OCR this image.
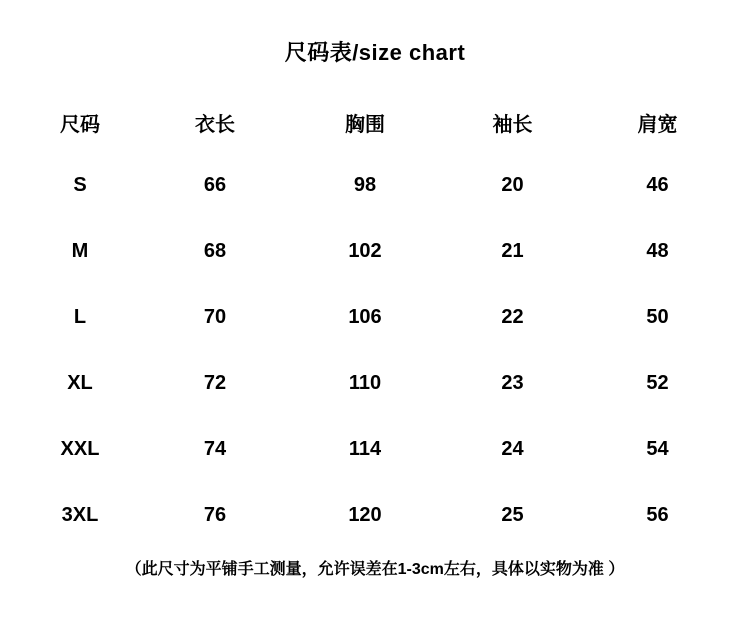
尺码表/size chart
尺码	衣长	胸围	袖长	肩宽
S	66	98	20	46
M	68	102	21	48
L	70	106	22	50
XL	72	110	23	52
XXL	74	114	24	54
3XL	76	120	25	56
（此尺寸为平铺手工测量，允许误差在1-3cm左右，具体以实物为准 ）
